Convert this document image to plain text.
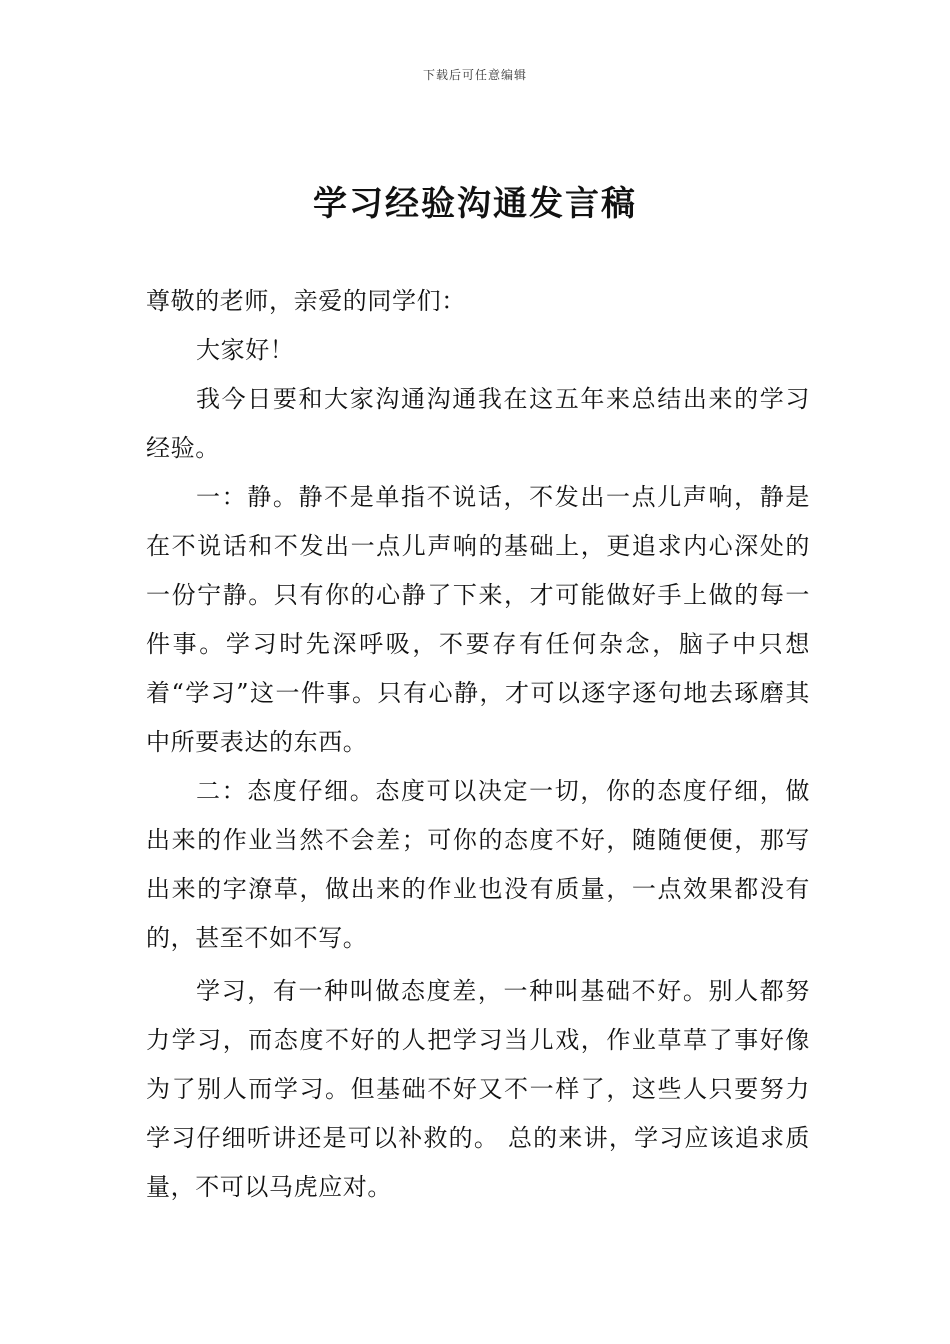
下载后可任意编辑
学习经验沟通发言稿

尊敬的老师，亲爱的同学们：

大家好！

我今日要和大家沟通沟通我在这五年来总结出来的学习经验。

一：静。静不是单指不说话，不发出一点儿声响，静是在不说话和不发出一点儿声响的基础上，更追求内心深处的一份宁静。只有你的心静了下来，才可能做好手上做的每一件事。学习时先深呼吸，不要存有任何杂念，脑子中只想着“学习”这一件事。只有心静，才可以逐字逐句地去琢磨其中所要表达的东西。

二：态度仔细。态度可以决定一切，你的态度仔细，做出来的作业当然不会差；可你的态度不好，随随便便，那写出来的字潦草，做出来的作业也没有质量，一点效果都没有的，甚至不如不写。

学习，有一种叫做态度差，一种叫基础不好。别人都努力学习，而态度不好的人把学习当儿戏，作业草草了事好像为了别人而学习。但基础不好又不一样了，这些人只要努力学习仔细听讲还是可以补救的。 总的来讲，学习应该追求质量，不可以马虎应对。
